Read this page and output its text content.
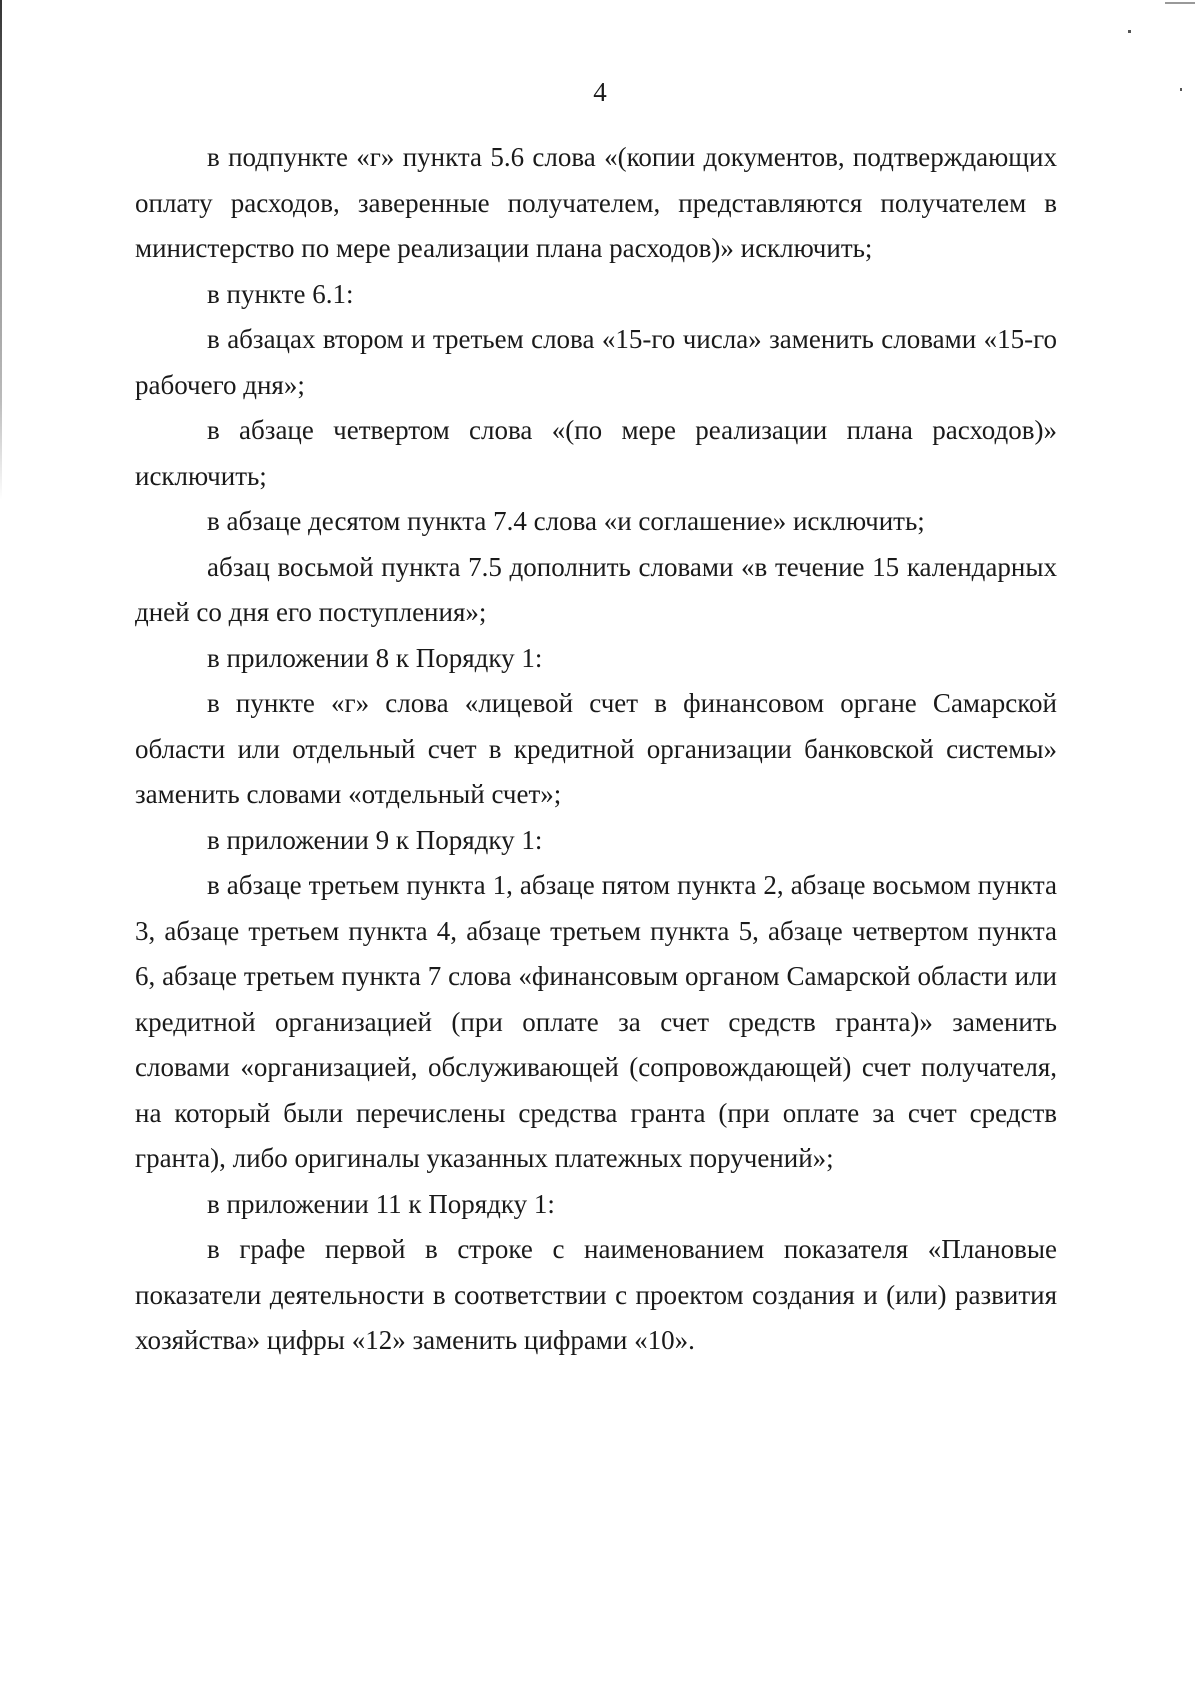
4

в подпункте «г» пункта 5.6 слова «(копии документов, подтверждающих оплату расходов, заверенные получателем, представляются получателем в министерство по мере реализации плана расходов)» исключить;

в пункте 6.1:

в абзацах втором и третьем слова «15-го числа» заменить словами «15-го рабочего дня»;

в абзаце четвертом слова «(по мере реализации плана расходов)» исключить;

в абзаце десятом пункта 7.4 слова «и соглашение» исключить;

абзац восьмой пункта 7.5 дополнить словами «в течение 15 календарных дней со дня его поступления»;

в приложении 8 к Порядку 1:

в пункте «г» слова «лицевой счет в финансовом органе Самарской области или отдельный счет в кредитной организации банковской системы» заменить словами «отдельный счет»;

в приложении 9 к Порядку 1:

в абзаце третьем пункта 1, абзаце пятом пункта 2, абзаце восьмом пункта 3, абзаце третьем пункта 4, абзаце третьем пункта 5, абзаце четвертом пункта 6, абзаце третьем пункта 7 слова «финансовым органом Самарской области или кредитной организацией (при оплате за счет средств гранта)» заменить словами «организацией, обслуживающей (сопровождающей) счет получателя, на который были перечислены средства гранта (при оплате за счет средств гранта), либо оригиналы указанных платежных поручений»;

в приложении 11 к Порядку 1:

в графе первой в строке с наименованием показателя «Плановые показатели деятельности в соответствии с проектом создания и (или) развития хозяйства» цифры «12» заменить цифрами «10».
